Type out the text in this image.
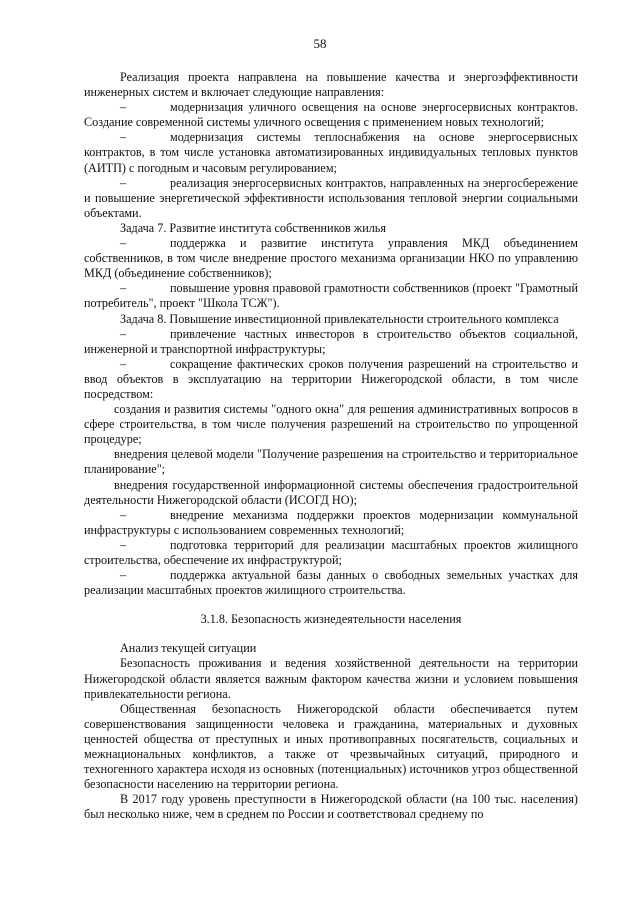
58

Реализация проекта направлена на повышение качества и энергоэффективности инженерных систем и включает следующие направления:

–	модернизация уличного освещения на основе энергосервисных контрактов. Создание современной системы уличного освещения с применением новых технологий;

–	модернизация системы теплоснабжения на основе энергосервисных контрактов, в том числе установка автоматизированных индивидуальных тепловых пунктов (АИТП) с погодным и часовым регулированием;

–	реализация энергосервисных контрактов, направленных на энергосбережение и повышение энергетической эффективности использования тепловой энергии социальными объектами.

Задача 7. Развитие института собственников жилья

–	поддержка и развитие института управления МКД объединением собственников, в том числе внедрение простого механизма организации НКО по управлению МКД (объединение собственников);

–	повышение уровня правовой грамотности собственников (проект "Грамотный потребитель", проект "Школа ТСЖ").

Задача 8. Повышение инвестиционной привлекательности строительного комплекса

–	привлечение частных инвесторов в строительство объектов социальной, инженерной и транспортной инфраструктуры;

–	сокращение фактических сроков получения разрешений на строительство и ввод объектов в эксплуатацию на территории Нижегородской области, в том числе посредством:

создания и развития системы "одного окна" для решения административных вопросов в сфере строительства, в том числе получения разрешений на строительство по упрощенной процедуре;

внедрения целевой модели "Получение разрешения на строительство и территориальное планирование";

внедрения государственной информационной системы обеспечения градостроительной деятельности Нижегородской области (ИСОГД НО);

–	внедрение механизма поддержки проектов модернизации коммунальной инфраструктуры с использованием современных технологий;

–	подготовка территорий для реализации масштабных проектов жилищного строительства, обеспечение их инфраструктурой;

–	поддержка актуальной базы данных о свободных земельных участках для реализации масштабных проектов жилищного строительства.

3.1.8. Безопасность жизнедеятельности населения

Анализ текущей ситуации

Безопасность проживания и ведения хозяйственной деятельности на территории Нижегородской области является важным фактором качества жизни и условием повышения привлекательности региона.

Общественная безопасность Нижегородской области обеспечивается путем совершенствования защищенности человека и гражданина, материальных и духовных ценностей общества от преступных и иных противоправных посягательств, социальных и межнациональных конфликтов, а также от чрезвычайных ситуаций, природного и техногенного характера исходя из основных (потенциальных) источников угроз общественной безопасности населению на территории региона.

В 2017 году уровень преступности в Нижегородской области (на 100 тыс. населения) был несколько ниже, чем в среднем по России и соответствовал среднему по
